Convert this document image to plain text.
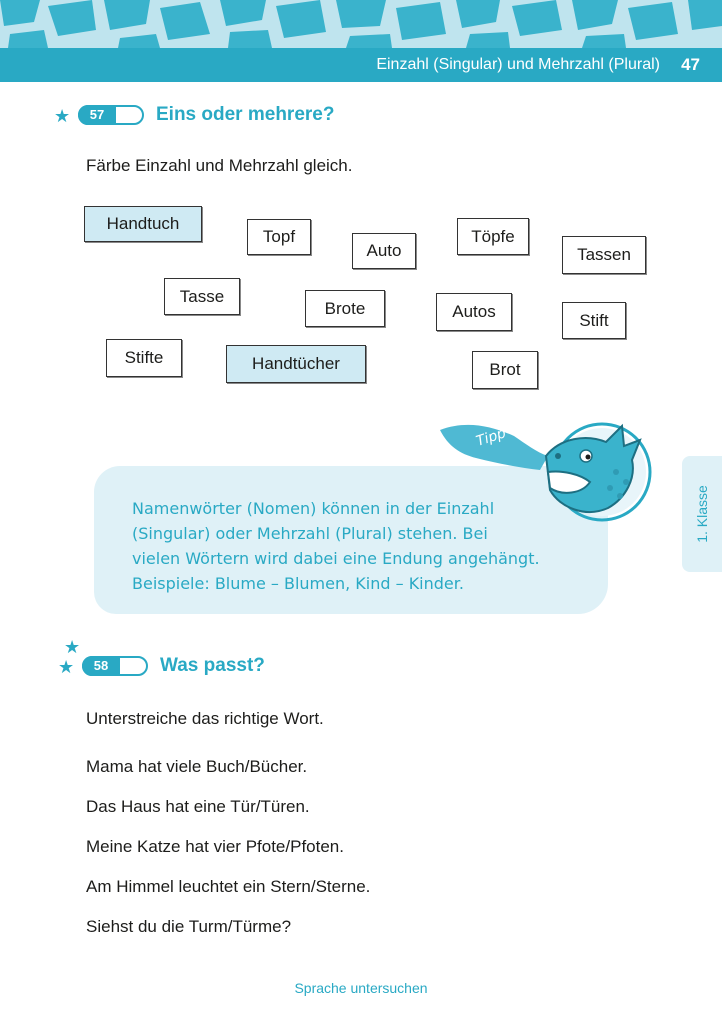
Einzahl (Singular) und Mehrzahl (Plural) 47
★	57	Eins oder mehrere?
Färbe Einzahl und Mehrzahl gleich.
Handtuch
Topf
Auto
Töpfe
Tassen
Tasse
Brote	Autos	Stift
Stifte	Handtücher	Brot
Tipp
Namenwörter (Nomen) können in der Einzahl
(Singular) oder Mehrzahl (Plural) stehen. Bei
vielen Wörtern wird dabei eine Endung angehängt.
Beispiele: Blume – Blumen, Kind – Kinder.
1. Klasse
★
★	58	Was passt?
Unterstreiche das richtige Wort.
Mama hat viele Buch/Bücher.
Das Haus hat eine Tür/Türen.
Meine Katze hat vier Pfote/Pfoten.
Am Himmel leuchtet ein Stern/Sterne.
Siehst du die Turm/Türme?
Sprache untersuchen
